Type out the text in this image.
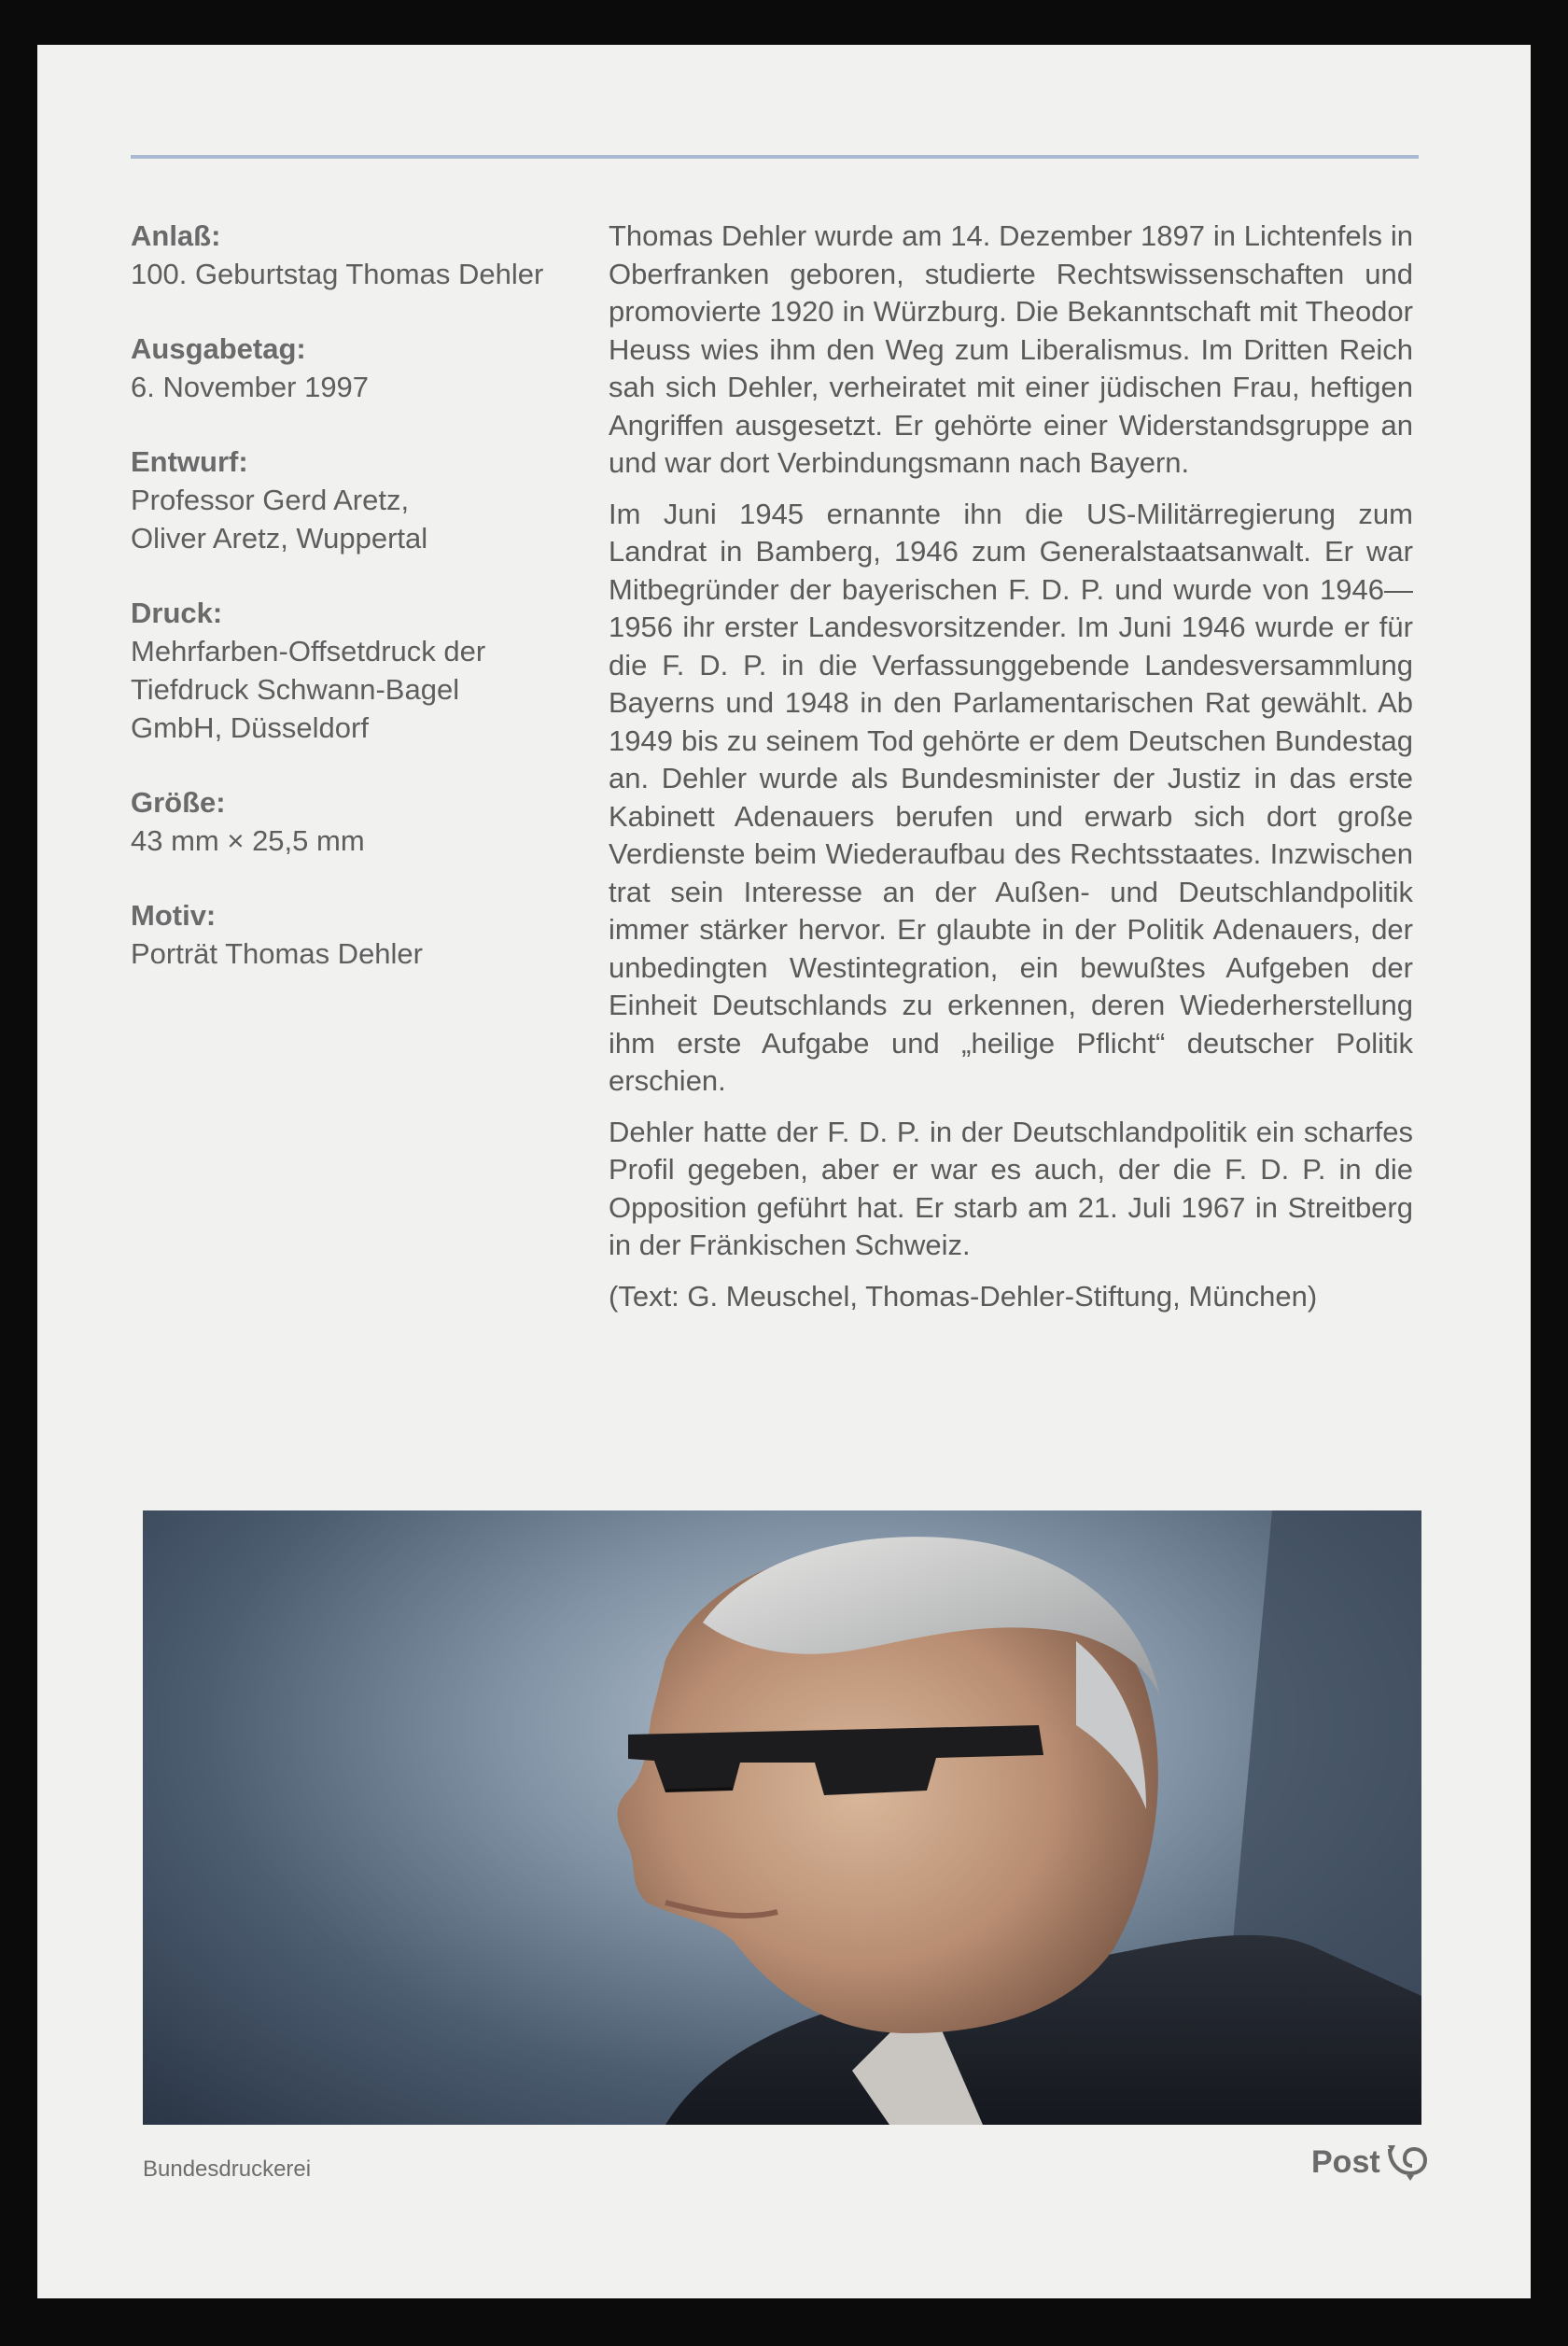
Anlaß:
100. Geburtstag Thomas Dehler
Ausgabetag:
6. November 1997
Entwurf:
Professor Gerd Aretz,
Oliver Aretz, Wuppertal
Druck:
Mehrfarben-Offsetdruck der
Tiefdruck Schwann-Bagel
GmbH, Düsseldorf
Größe:
43 mm × 25,5 mm
Motiv:
Porträt Thomas Dehler

Thomas Dehler wurde am 14. Dezember 1897 in Lichtenfels in Oberfranken geboren, studierte Rechtswissenschaften und promovierte 1920 in Würzburg. Die Bekanntschaft mit Theodor Heuss wies ihm den Weg zum Liberalismus. Im Dritten Reich sah sich Dehler, verheiratet mit einer jüdischen Frau, heftigen Angriffen ausgesetzt. Er gehörte einer Widerstandsgruppe an und war dort Verbindungsmann nach Bayern.

Im Juni 1945 ernannte ihn die US-Militärregierung zum Landrat in Bamberg, 1946 zum Generalstaatsanwalt. Er war Mitbegründer der bayerischen F. D. P. und wurde von 1946—1956 ihr erster Landesvorsitzender. Im Juni 1946 wurde er für die F. D. P. in die Verfassunggebende Landesversammlung Bayerns und 1948 in den Parlamentarischen Rat gewählt. Ab 1949 bis zu seinem Tod gehörte er dem Deutschen Bundestag an. Dehler wurde als Bundesminister der Justiz in das erste Kabinett Adenauers berufen und erwarb sich dort große Verdienste beim Wiederaufbau des Rechtsstaates. Inzwischen trat sein Interesse an der Außen- und Deutschlandpolitik immer stärker hervor. Er glaubte in der Politik Adenauers, der unbedingten Westintegration, ein bewußtes Aufgeben der Einheit Deutschlands zu erkennen, deren Wiederherstellung ihm erste Aufgabe und „heilige Pflicht“ deutscher Politik erschien.

Dehler hatte der F. D. P. in der Deutschlandpolitik ein scharfes Profil gegeben, aber er war es auch, der die F. D. P. in die Opposition geführt hat. Er starb am 21. Juli 1967 in Streitberg in der Fränkischen Schweiz.

(Text: G. Meuschel, Thomas-Dehler-Stiftung, München)

Bundesdruckerei	Post
